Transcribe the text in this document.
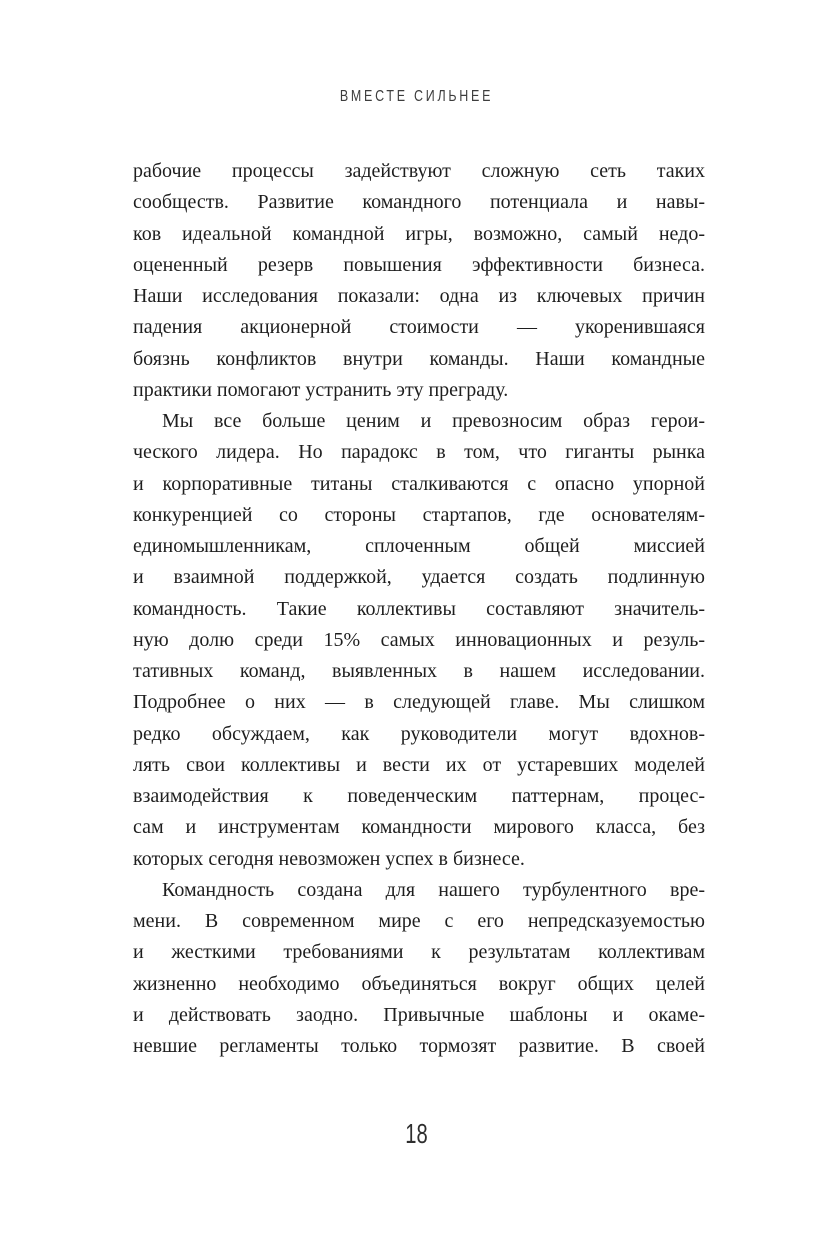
ВМЕСТЕ СИЛЬНЕЕ
рабочие процессы задействуют сложную сеть таких
сообществ. Развитие командного потенциала и навы-
ков идеальной командной игры, возможно, самый недо-
оцененный резерв повышения эффективности бизнеса.
Наши исследования показали: одна из ключевых причин
падения акционерной стоимости — укоренившаяся
боязнь конфликтов внутри команды. Наши командные
практики помогают устранить эту преграду.
Мы все больше ценим и превозносим образ герои-
ческого лидера. Но парадокс в том, что гиганты рынка
и корпоративные титаны сталкиваются с опасно упорной
конкуренцией со стороны стартапов, где основателям-
единомышленникам, сплоченным общей миссией
и взаимной поддержкой, удается создать подлинную
командность. Такие коллективы составляют значитель-
ную долю среди 15% самых инновационных и резуль-
тативных команд, выявленных в нашем исследовании.
Подробнее о них — в следующей главе. Мы слишком
редко обсуждаем, как руководители могут вдохнов-
лять свои коллективы и вести их от устаревших моделей
взаимодействия к поведенческим паттернам, процес-
сам и инструментам командности мирового класса, без
которых сегодня невозможен успех в бизнесе.
Командность создана для нашего турбулентного вре-
мени. В современном мире с его непредсказуемостью
и жесткими требованиями к результатам коллективам
жизненно необходимо объединяться вокруг общих целей
и действовать заодно. Привычные шаблоны и окаме-
невшие регламенты только тормозят развитие. В своей
18
